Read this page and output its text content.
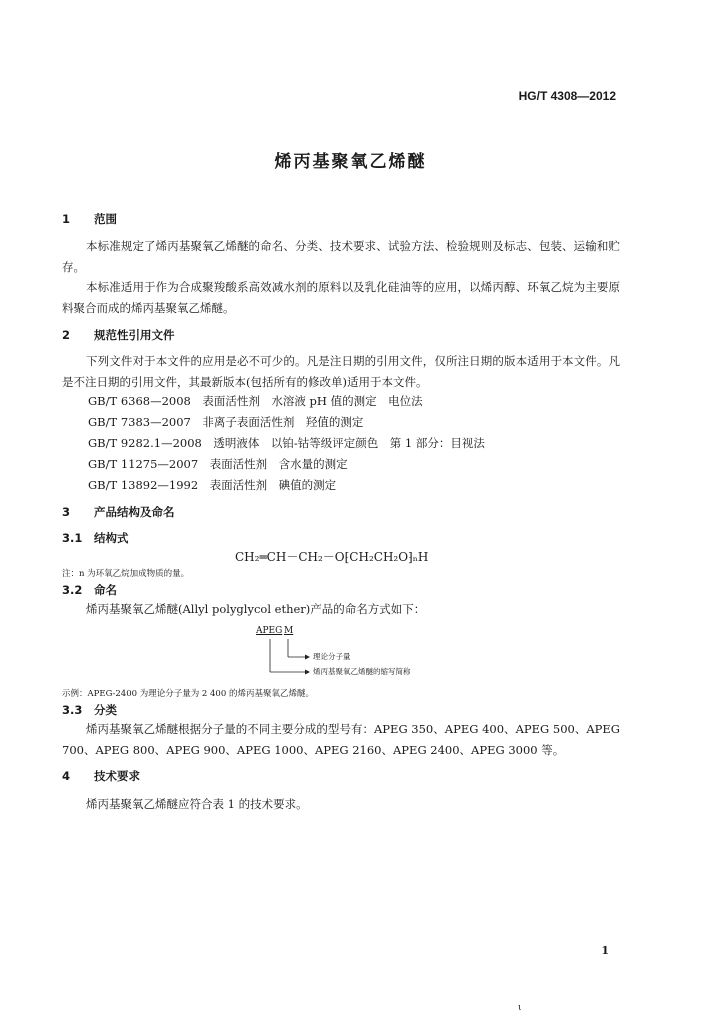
HG/T 4308—2012
烯丙基聚氧乙烯醚
1 范围
本标准规定了烯丙基聚氧乙烯醚的命名、分类、技术要求、试验方法、检验规则及标志、包装、运输和贮存。
本标准适用于作为合成聚羧酸系高效减水剂的原料以及乳化硅油等的应用，以烯丙醇、环氧乙烷为主要原料聚合而成的烯丙基聚氧乙烯醚。
2 规范性引用文件
下列文件对于本文件的应用是必不可少的。凡是注日期的引用文件，仅所注日期的版本适用于本文件。凡是不注日期的引用文件，其最新版本(包括所有的修改单)适用于本文件。
GB/T 6368—2008　表面活性剂　水溶液 pH 值的测定　电位法
GB/T 7383—2007　非离子表面活性剂　羟值的测定
GB/T 9282.1—2008　透明液体　以铂-钴等级评定颜色　第 1 部分：目视法
GB/T 11275—2007　表面活性剂　含水量的测定
GB/T 13892—1992　表面活性剂　碘值的测定
3 产品结构及命名
3.1 结构式
CH₂═CH－CH₂－O⁅CH₂CH₂O⁆ₙH
注：n 为环氧乙烷加成物质的量。
3.2 命名
烯丙基聚氧乙烯醚(Allyl polyglycol ether)产品的命名方式如下：
APEG M
理论分子量
烯丙基聚氧乙烯醚的缩写简称
示例：APEG-2400 为理论分子量为 2 400 的烯丙基聚氧乙烯醚。
3.3 分类
烯丙基聚氧乙烯醚根据分子量的不同主要分成的型号有：APEG 350、APEG 400、APEG 500、APEG 700、APEG 800、APEG 900、APEG 1000、APEG 2160、APEG 2400、APEG 3000 等。
4 技术要求
烯丙基聚氧乙烯醚应符合表 1 的技术要求。
1
ι
